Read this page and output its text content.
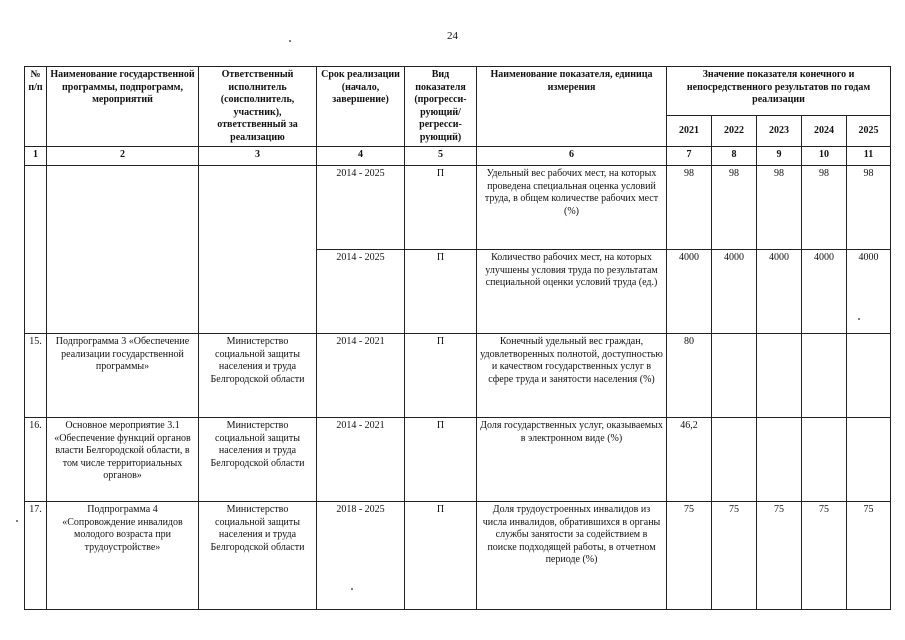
24
№ п/п	Наименование государственной программы, подпрограмм, мероприятий	Ответственный исполнитель (соисполнитель, участник), ответственный за реализацию	Срок реализации (начало, завершение)	Вид показателя (прогресси-рующий/ регресси-рующий)	Наименование показателя, единица измерения	Значение показателя конечного и непосредственного результатов по годам реализации				
						2021	2022	2023	2024	2025
1	2	3	4	5	6	7	8	9	10	11
			2014 - 2025	П	Удельный вес рабочих мест, на которых проведена специальная оценка условий труда, в общем количестве рабочих мест (%)	98	98	98	98	98
			2014 - 2025	П	Количество рабочих мест, на которых улучшены условия труда по результатам специальной оценки условий труда (ед.)	4000	4000	4000	4000	4000
15.	Подпрограмма 3 «Обеспечение реализации государственной программы»	Министерство социальной защиты населения и труда Белгородской области	2014 - 2021	П	Конечный удельный вес граждан, удовлетворенных полнотой, доступностью и качеством государственных услуг в сфере труда и занятости населения (%)	80				
16.	Основное мероприятие 3.1 «Обеспечение функций органов власти Белгородской области, в том числе территориальных органов»	Министерство социальной защиты населения и труда Белгородской области	2014 - 2021	П	Доля государственных услуг, оказываемых в электронном виде (%)	46,2				
17.	Подпрограмма 4 «Сопровождение инвалидов молодого возраста при трудоустройстве»	Министерство социальной защиты населения и труда Белгородской области	2018 - 2025	П	Доля трудоустроенных инвалидов из числа инвалидов, обратившихся в органы службы занятости за содействием в поиске подходящей работы, в отчетном периоде (%)	75	75	75	75	75
